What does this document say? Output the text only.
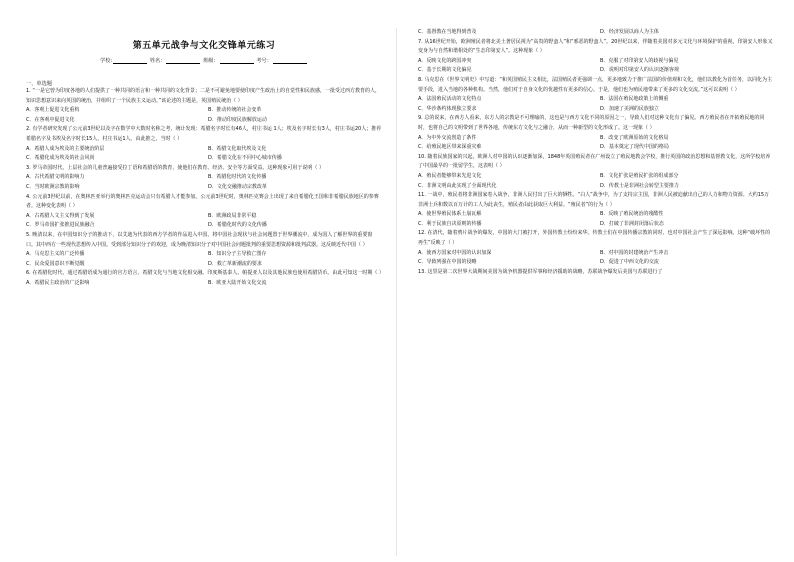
第五单元战争与文化交锋单元练习
学校:	姓名：	班级：	考号：
一、单选题
1. “一是它曾为印度各地的人们提供了一种共同的语言和一种共同的文化背景；二是不可避免地要使印度产生政治上的自觉性和民族感，一批受过西方教育的人，知识思想意识来向英国的统治，并组织了一个民族主义运动。”该论述的主题是，英国殖民统治（ ）
A．客观上促进文化重构	B．推动传统的社会变革
C．在客观中促进文化	D．推动印度民族解放运动
2. 有学者研究发现了公元前3世纪以及字在数学中大数时名称之考，统计发现：希腊名字时长有46人，村庄书运 1人；埃及名字时长有3人，村庄书运20人；推荐希腊名字及书埃及名字时长15人，村庄书运1人。由此推之，当时（ ）
A．希腊人成为埃及的主要统治阶层	B．希腊文化取代埃及文化
C．希腊化成为埃及的社会风尚	D．希腊文化在不同中心城市传播
3. 罗马帝国时代，上层社会的儿童普遍接受拉丁语和希腊语的教育，使他们在教育、经济、安全等方面受益。这种现象可用于说明（ ）
A．古代希腊文明的影响力	B．希腊化时代的文化传播
C．当时欧洲宗教的影响	D．文化交融推动宗教改革
4. 公元前3世纪以前，在奥林匹亚举行的奥林匹克运动会只有希腊人才能参加。公元前3世纪时，奥林匹克赛会上出现了来自希腊化王国和非希腊民族地区的参赛者。这种变化表明（ ）
A．古希腊人文主义得到了发展	B．欧洲政局非常平稳
C．罗马帝国扩张推进民族融合	D．希腊化时代的文化传播
5. 晚清以来，在中国知识分子的推动下，以艾迪为代表的西方学者的作品进入中国，将中国社会现状与社会问题置于世界潮流中，成为国人了解世界的重要窗口。其中西方一些现代思想传入中国。受到部分知识分子的欢迎，成为晚清知识分子对中国社会问题批判的重要思想资源和批判武器。这反映近代中国（ ）
A．马克思主义的广泛传播	B．知识分子主导救亡图存
C．民众爱国意识不断觉醒	D．救亡革新潮流的要求
6. 在希腊化时代，通过希腊语成为通行的官方语言，希腊文化与当地文化相交融。印度斯基泰人、帕提亚人以及其他民族也使用希腊货币。由此可知这一时期（ ）
A．希腊民主政治的广泛影响	B．欧亚大陆开始文化交流
C．基督教在当地得到普及	D．经济发展以商人为主体
7. 从16世纪开始，欧洲殖民者将北美土著居民视为“高贵的野蛮人”和“邪恶的野蛮人”。20世纪以来，伴随着美国对多元文化与环境保护的重视，印第安人形象又变身为与自然和谐相处的“生态印第安人”。这种现象（ ）
A．反映文化的跨国冲突	B．克服了对印第安人的歧视与偏见
C．基于长期的文化偏见	D．说明对印第安人的认识逐渐客观
8. 马克思在《世界文明史》中写道：“和英国殖民主义相比，法国殖民者更强调一点，更多地致力于推广法国的价值观和文化，他们以教化为首任务，以同化为主要手段，进入当地的各种机构。当然，他们对于自身文化的优越性有更多的信心。于是，他们也为殖民地带来了更多的文化交流。”这可以说明（ ）
A．法国殖民活动的文化特点	B．法国在殖民地政策上的侧重
C．华沙条约体现独立要求	D．加速了美洲的民族独立
9. 总的说来，在西方人看来，东方人的宗教是不可理喻的，这也是与西方文化不同的原因之一，导致人们对这种文化有了偏见。西方殖民者在开拓殖民地的同时，也将自己的文明带到了世界各地，传统东方文化与之融合，从而一种新型的文化形成了。这一现象（ ）
A．为中外交流创造了条件	B．改变了欧洲原始的文化格局
C．给殖民地区带来深重灾难	D．基本奠定了现代中国的格局
10. 随着民族国家的兴起，欧洲人对中国的认识逐渐加深，1848年英国殖民者在广州设立了殖民地教会学校，推行英国的政治思想和基督教文化，这所学校培养了中国最早的一批留学生，这表明（ ）
A．殖民者能够带来先进文化	B．文化扩张是殖民扩张的组成部分
C．非洲文明由此实现了全面现代化	D．传教士是非洲社会转型主要推力
11. 一战中，殖民者将非洲国家卷入战争，非洲人民付出了巨大的牺牲。“白人”战争中，为了支持宗主国，非洲人民被迫献出自己的人力和物力资源。大约15万非洲士兵和数以百万计的工人为此丧生，殖民者由此获取巨大利益。“殖民者”的行为（ ）
A．使世界殖民体系土崩瓦解	B．反映了殖民统治的残酷性
C．利于民族自决原则的传播	D．打破了非洲封闭落后状态
12. 在清代，随着鸦片战争的爆发，中国的大门被打开，外国传教士纷纷来华。传教士们在中国传播宗教的同时，也对中国社会产生了深远影响。这种“破坏性的再生”反映了（ ）
A．使西方国家对中国的认识加深	B．对中国的封建统治产生冲击
C．导致列强在中国的侵略	D．促进了中西文化的交流
13. 这里是第二次世界大战期间美国为战争机器提供军事和经济援助的战略，苏联战争爆发后美国与苏联进行了
